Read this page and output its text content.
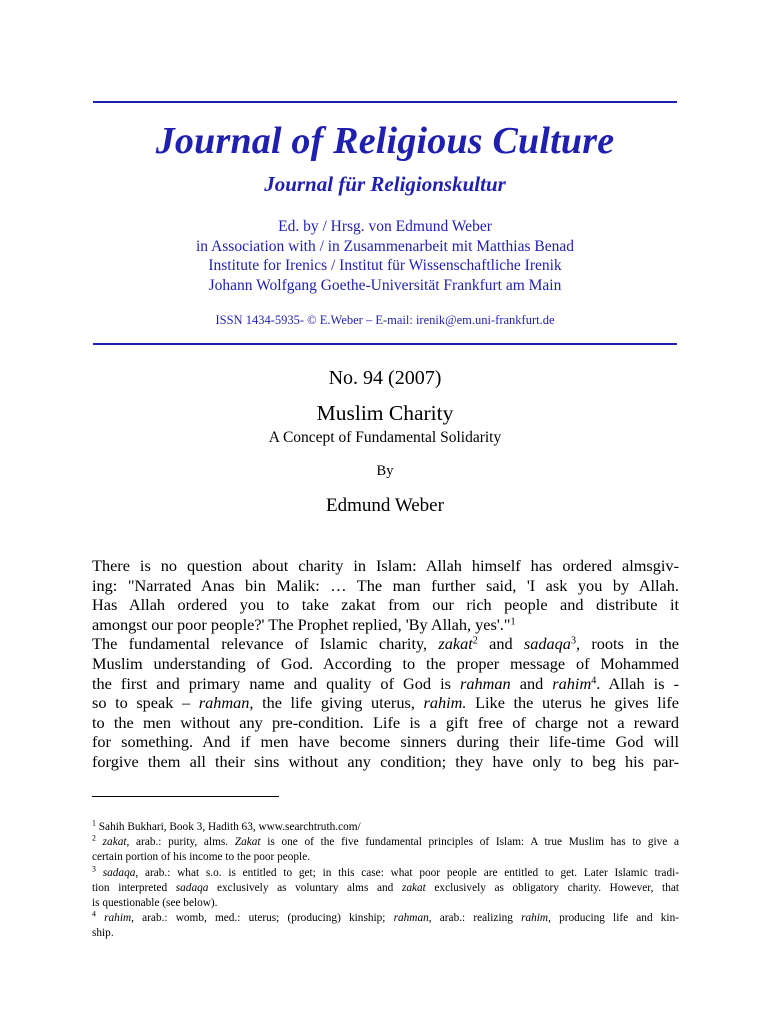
Journal of Religious Culture
Journal für Religionskultur
Ed. by / Hrsg. von Edmund Weber
in Association with / in Zusammenarbeit mit Matthias Benad
Institute for Irenics / Institut für Wissenschaftliche Irenik
Johann Wolfgang Goethe-Universität Frankfurt am Main
ISSN 1434-5935- © E.Weber – E-mail: irenik@em.uni-frankfurt.de
No. 94 (2007)
Muslim Charity
A Concept of Fundamental Solidarity
By
Edmund Weber

There is no question about charity in Islam: Allah himself has ordered almsgiv-
ing: "Narrated Anas bin Malik: … The man further said, 'I ask you by Allah.
Has Allah ordered you to take zakat from our rich people and distribute it
amongst our poor people?' The Prophet replied, 'By Allah, yes'."$^1$

The fundamental relevance of Islamic charity, zakat$^2$ and sadaqa$^3$, roots in the
Muslim understanding of God. According to the proper message of Mohammed
the first and primary name and quality of God is rahman and rahim$^4$. Allah is -
so to speak – rahman, the life giving uterus, rahim. Like the uterus he gives life
to the men without any pre-condition. Life is a gift free of charge not a reward
for something. And if men have become sinners during their life-time God will
forgive them all their sins without any condition; they have only to beg his par-

$^1$ Sahih Bukhari, Book 3, Hadith 63, www.searchtruth.com/
$^2$ zakat, arab.: purity, alms. Zakat is one of the five fundamental principles of Islam: A true Muslim has to give a
certain portion of his income to the poor people.
$^3$ sadaqa, arab.: what s.o. is entitled to get; in this case: what poor people are entitled to get. Later Islamic tradi-
tion interpreted sadaqa exclusively as voluntary alms and zakat exclusively as obligatory charity. However, that
is questionable (see below).
$^4$ rahim, arab.: womb, med.: uterus; (producing) kinship; rahman, arab.: realizing rahim, producing life and kin-
ship.
